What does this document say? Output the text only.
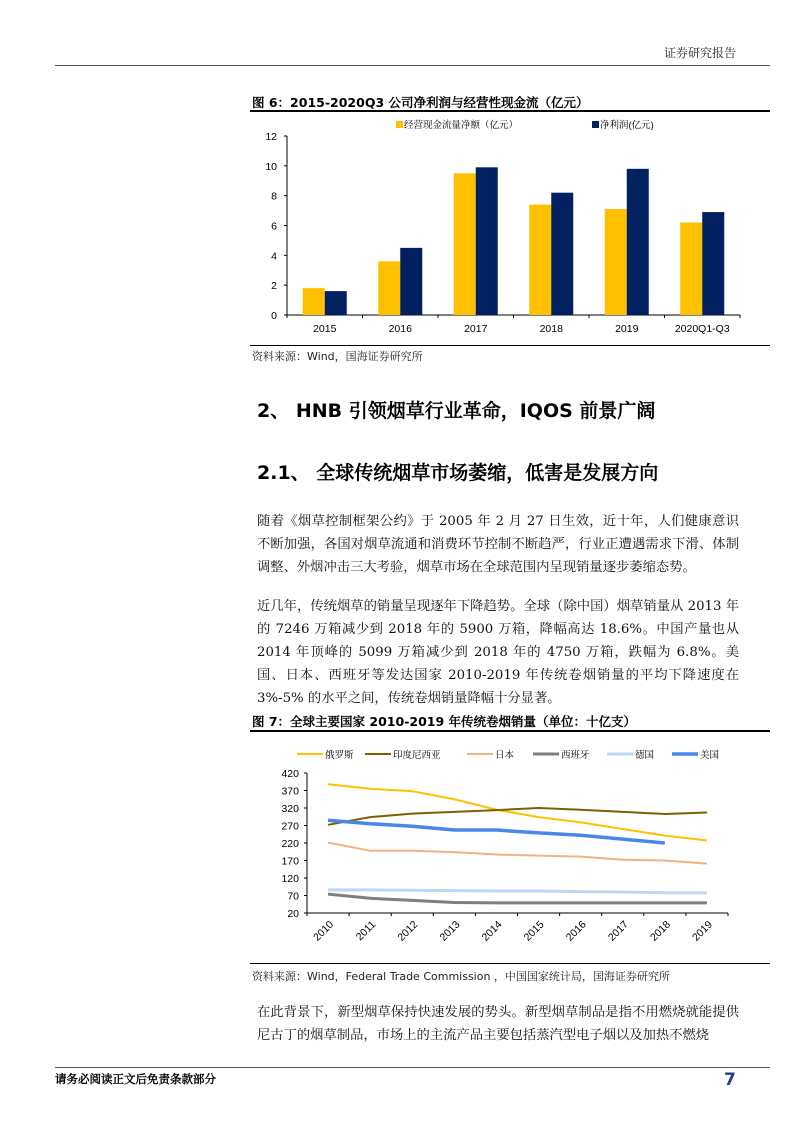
证券研究报告
图 6：2015-2020Q3 公司净利润与经营性现金流（亿元）
0
2
4
6
8
10
12
2015	2016	2017	2018	2019	2020Q1-Q3
经营现金流量净额（亿元）	净利润(亿元)
资料来源：Wind，国海证券研究所
2、 HNB 引领烟草行业革命，IQOS 前景广阔
2.1、 全球传统烟草市场萎缩，低害是发展方向
随着《烟草控制框架公约》于 2005 年 2 月 27 日生效，近十年，人们健康意识不断加强，各国对烟草流通和消费环节控制不断趋严，行业正遭遇需求下滑、体制调整、外烟冲击三大考验，烟草市场在全球范围内呈现销量逐步萎缩态势。
近几年，传统烟草的销量呈现逐年下降趋势。全球（除中国）烟草销量从 2013 年的 7246 万箱减少到 2018 年的 5900 万箱，降幅高达 18.6%。中国产量也从 2014 年顶峰的 5099 万箱减少到 2018 年的 4750 万箱，跌幅为 6.8%。美国、日本、西班牙等发达国家 2010-2019 年传统卷烟销量的平均下降速度在 3%-5% 的水平之间，传统卷烟销量降幅十分显著。
图 7：全球主要国家 2010-2019 年传统卷烟销量（单位：十亿支）
20
70
120
170
220
270
320
370
420
2010 2011 2012 2013 2014 2015 2016 2017 2018 2019
俄罗斯	印度尼西亚	日本	西班牙	德国	美国
资料来源：Wind，Federal Trade Commission ，中国国家统计局，国海证券研究所
在此背景下，新型烟草保持快速发展的势头。新型烟草制品是指不用燃烧就能提供尼古丁的烟草制品，市场上的主流产品主要包括蒸汽型电子烟以及加热不燃烧
请务必阅读正文后免责条款部分	7
